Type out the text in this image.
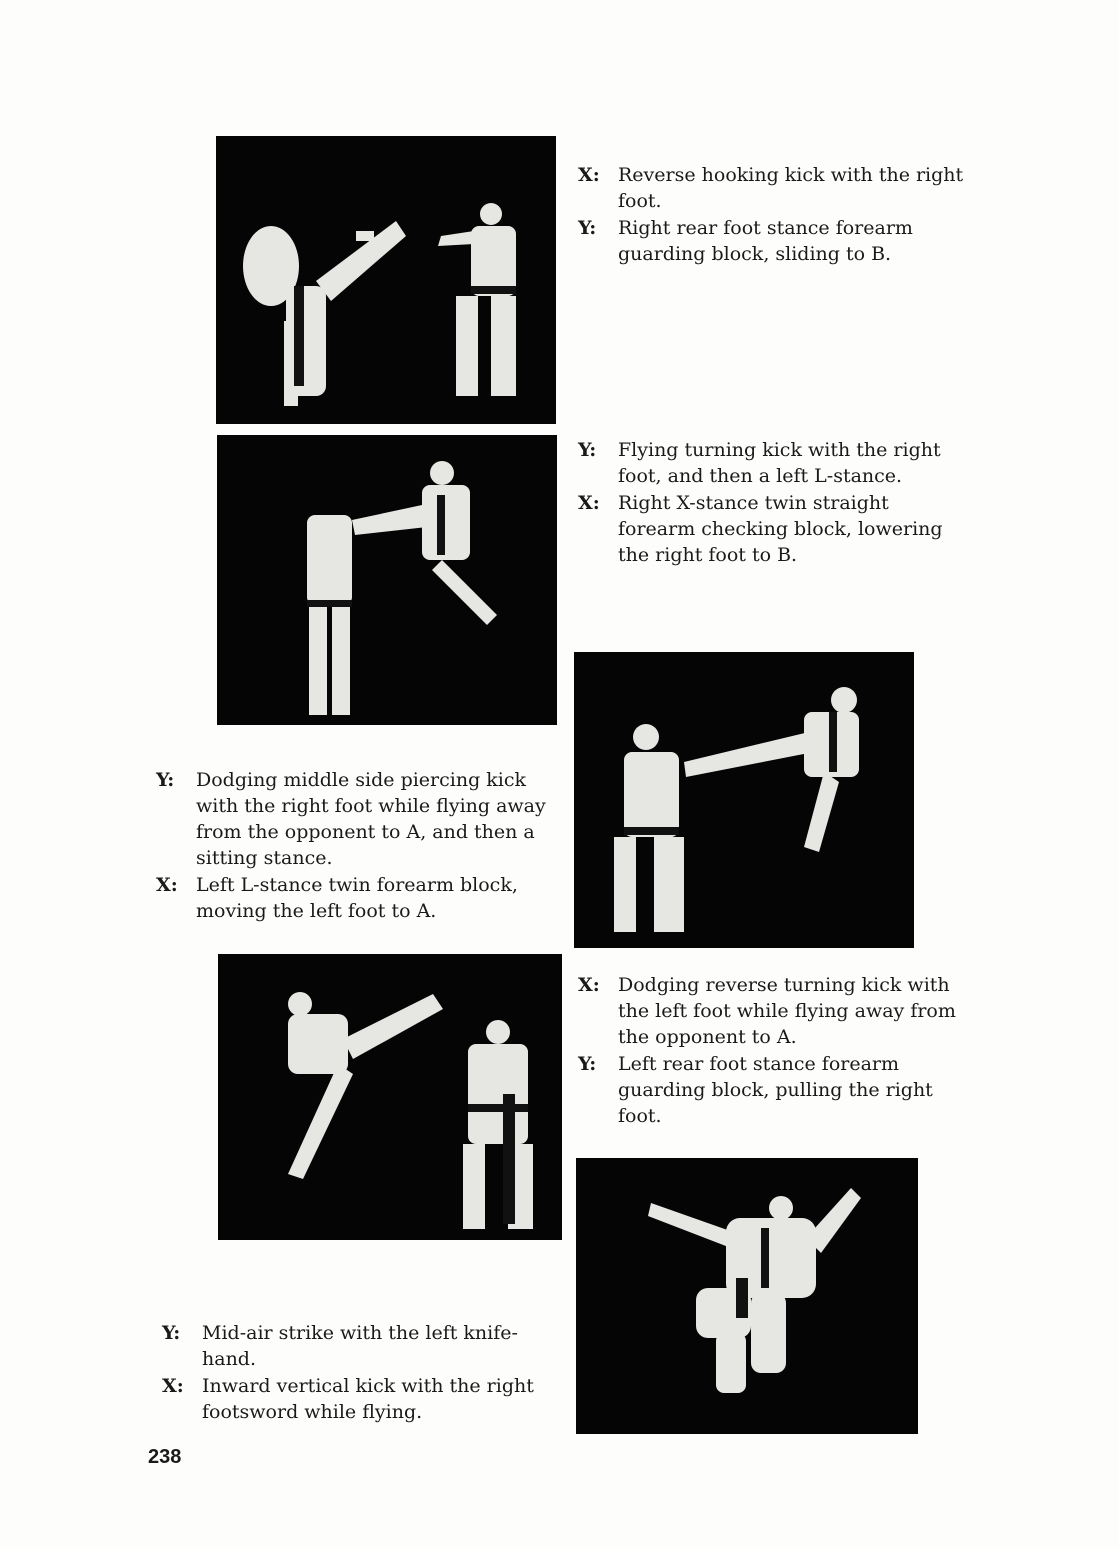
X: Reverse hooking kick with the right foot.
Y:	Right rear foot stance forearm guarding block, sliding to B.
Y:	Flying turning kick with the right foot, and then a left L-stance.
X: Right X-stance twin straight forearm checking block, lowering the right foot to B.
Y:	Dodging middle side piercing kick with the right foot while flying away from the opponent to A, and then a sitting stance.
X: Left L-stance twin forearm block, moving the left foot to A.
X: Dodging reverse turning kick with the left foot while flying away from the opponent to A.
Y:	Left rear foot stance forearm guarding block, pulling the right foot.
Y:	Mid-air strike with the left knife-hand.
X: Inward vertical kick with the right footsword while flying.
238
